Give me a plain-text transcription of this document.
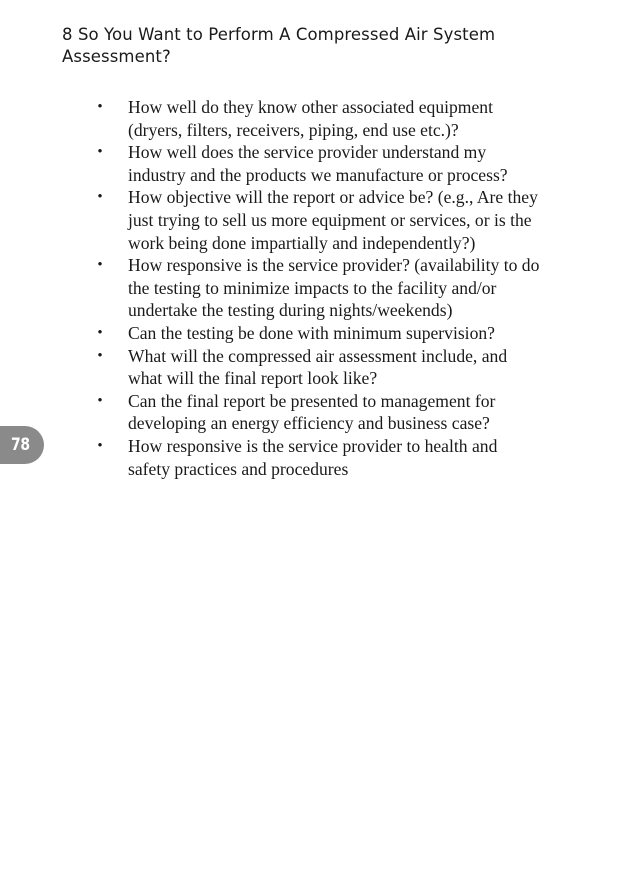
8 So You Want to Perform A Compressed Air System Assessment?
• How well do they know other associated equipment (dryers, filters, receivers, piping, end use etc.)?
• How well does the service provider understand my industry and the products we manufacture or process?
• How objective will the report or advice be? (e.g., Are they just trying to sell us more equipment or services, or is the work being done impartially and independently?)
• How responsive is the service provider? (availability to do the testing to minimize impacts to the facility and/or undertake the testing during nights/weekends)
• Can the testing be done with minimum supervision?
• What will the compressed air assessment include, and what will the final report look like?
• Can the final report be presented to management for developing an energy efficiency and business case?
• How responsive is the service provider to health and safety practices and procedures
78
